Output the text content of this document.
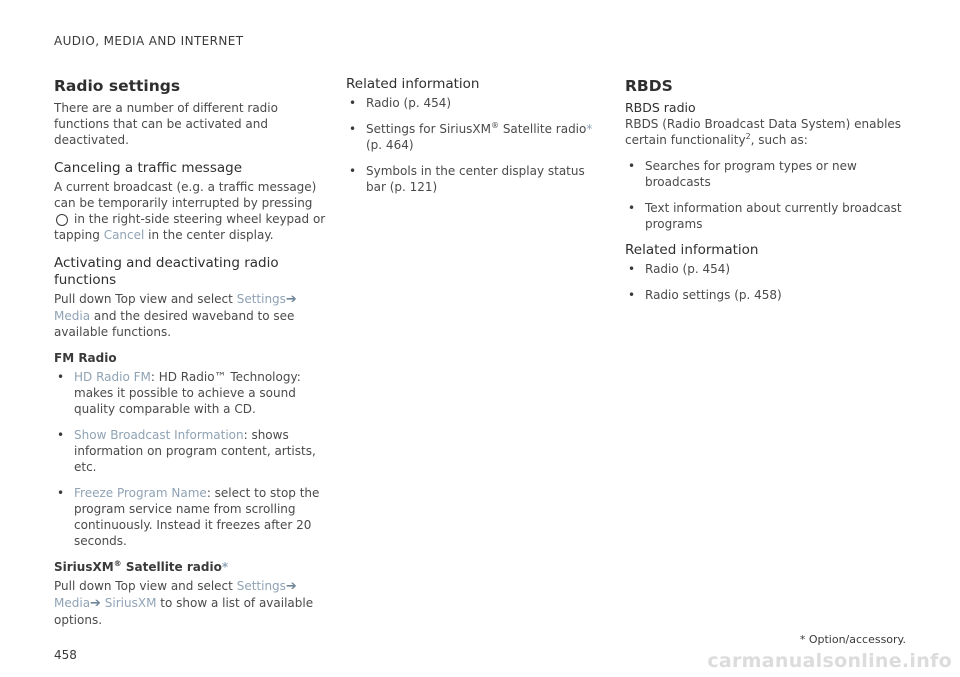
AUDIO, MEDIA AND INTERNET
Radio settings

There are a number of different radio functions that can be activated and deactivated.

Canceling a traffic message

A current broadcast (e.g. a traffic message) can be temporarily interrupted by pressing
in the right-side steering wheel keypad or tapping Cancel in the center display.

Activating and deactivating radio functions

Pull down Top view and select Settings➔ Media and the desired waveband to see available functions.

FM Radio
• HD Radio FM: HD Radio™ Technology: makes it possible to achieve a sound quality comparable with a CD.
• Show Broadcast Information: shows information on program content, artists, etc.
• Freeze Program Name: select to stop the program service name from scrolling continuously. Instead it freezes after 20 seconds.
SiriusXM® Satellite radio*

Pull down Top view and select Settings➔
Media➔ SiriusXM to show a list of available options.

Related information
• Radio (p. 454)
• Settings for SiriusXM® Satellite radio*
(p. 464)
• Symbols in the center display status bar (p. 121)
RBDS

RBDS radio

RBDS (Radio Broadcast Data System) enables certain functionality$^2$, such as:

• Searches for program types or new broadcasts
• Text information about currently broadcast programs
Related information
• Radio (p. 454)
• Radio settings (p. 458)
* Option/accessory.
458	carmanualsonline.info
